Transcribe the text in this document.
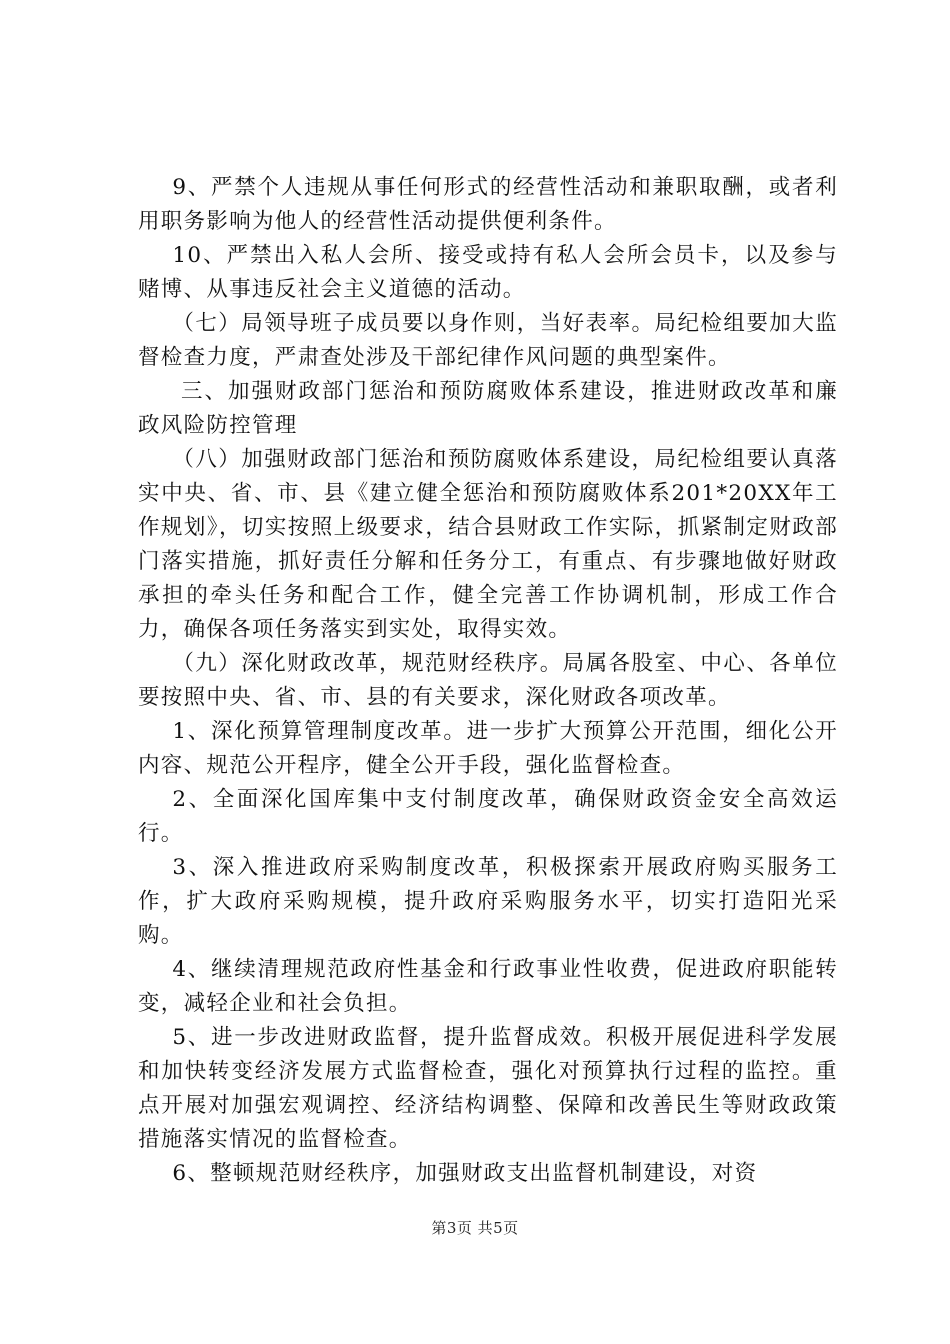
9、严禁个人违规从事任何形式的经营性活动和兼职取酬，或者利用职务影响为他人的经营性活动提供便利条件。

10、严禁出入私人会所、接受或持有私人会所会员卡，以及参与赌博、从事违反社会主义道德的活动。

（七）局领导班子成员要以身作则，当好表率。局纪检组要加大监督检查力度，严肃查处涉及干部纪律作风问题的典型案件。

三、加强财政部门惩治和预防腐败体系建设，推进财政改革和廉政风险防控管理

（八）加强财政部门惩治和预防腐败体系建设，局纪检组要认真落实中央、省、市、县《建立健全惩治和预防腐败体系201*20XX年工作规划》，切实按照上级要求，结合县财政工作实际，抓紧制定财政部门落实措施，抓好责任分解和任务分工，有重点、有步骤地做好财政承担的牵头任务和配合工作，健全完善工作协调机制，形成工作合力，确保各项任务落实到实处，取得实效。

（九）深化财政改革，规范财经秩序。局属各股室、中心、各单位要按照中央、省、市、县的有关要求，深化财政各项改革。

1、深化预算管理制度改革。进一步扩大预算公开范围，细化公开内容、规范公开程序，健全公开手段，强化监督检查。

2、全面深化国库集中支付制度改革，确保财政资金安全高效运行。

3、深入推进政府采购制度改革，积极探索开展政府购买服务工作，扩大政府采购规模，提升政府采购服务水平，切实打造阳光采购。

4、继续清理规范政府性基金和行政事业性收费，促进政府职能转变，减轻企业和社会负担。

5、进一步改进财政监督，提升监督成效。积极开展促进科学发展和加快转变经济发展方式监督检查，强化对预算执行过程的监控。重点开展对加强宏观调控、经济结构调整、保障和改善民生等财政政策措施落实情况的监督检查。

6、整顿规范财经秩序，加强财政支出监督机制建设，对资

第3页 共5页
